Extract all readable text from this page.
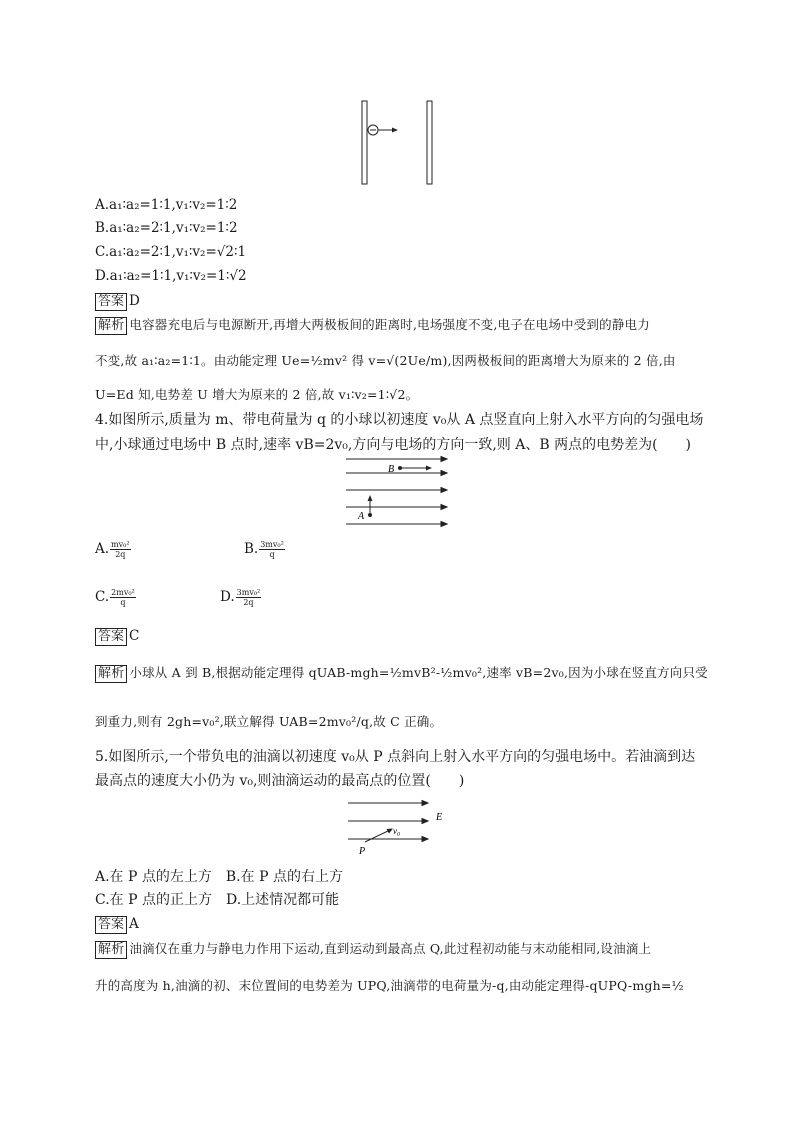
A.a₁∶a₂=1∶1,v₁∶v₂=1∶2
B.a₁∶a₂=2∶1,v₁∶v₂=1∶2
C.a₁∶a₂=2∶1,v₁∶v₂=√2∶1
D.a₁∶a₂=1∶1,v₁∶v₂=1∶√2
答案 D
解析 电容器充电后与电源断开,再增大两极板间的距离时,电场强度不变,电子在电场中受到的静电力
不变,故 a₁∶a₂=1∶1。由动能定理 Ue=½mv² 得 v=√(2Ue/m),因两极板间的距离增大为原来的 2 倍,由
U=Ed 知,电势差 U 增大为原来的 2 倍,故 v₁∶v₂=1∶√2。
4.如图所示,质量为 m、带电荷量为 q 的小球以初速度 v₀从 A 点竖直向上射入水平方向的匀强电场
中,小球通过电场中 B 点时,速率 vB=2v₀,方向与电场的方向一致,则 A、B 两点的电势差为(　　)
B
A
A. $\frac{\text{mv₀²}}{2q}$	B. $\frac{\text{3mv₀²}}{q}$
C. $\frac{\text{2mv₀²}}{q}$	D. $\frac{\text{3mv₀²}}{2q}$
答案 C
解析 小球从 A 到 B,根据动能定理得 qUAB-mgh=½mvB²-½mv₀²,速率 vB=2v₀,因为小球在竖直方向只受
到重力,则有 2gh=v₀²,联立解得 UAB=2mv₀²/q,故 C 正确。
5.如图所示,一个带负电的油滴以初速度 v₀从 P 点斜向上射入水平方向的匀强电场中。若油滴到达
最高点的速度大小仍为 v₀,则油滴运动的最高点的位置(　　)
E
v₀
P
A.在 P 点的左上方　B.在 P 点的右上方
C.在 P 点的正上方　D.上述情况都可能
答案 A
解析 油滴仅在重力与静电力作用下运动,直到运动到最高点 Q,此过程初动能与末动能相同,设油滴上
升的高度为 h,油滴的初、末位置间的电势差为 UPQ,油滴带的电荷量为-q,由动能定理得-qUPQ-mgh=½
